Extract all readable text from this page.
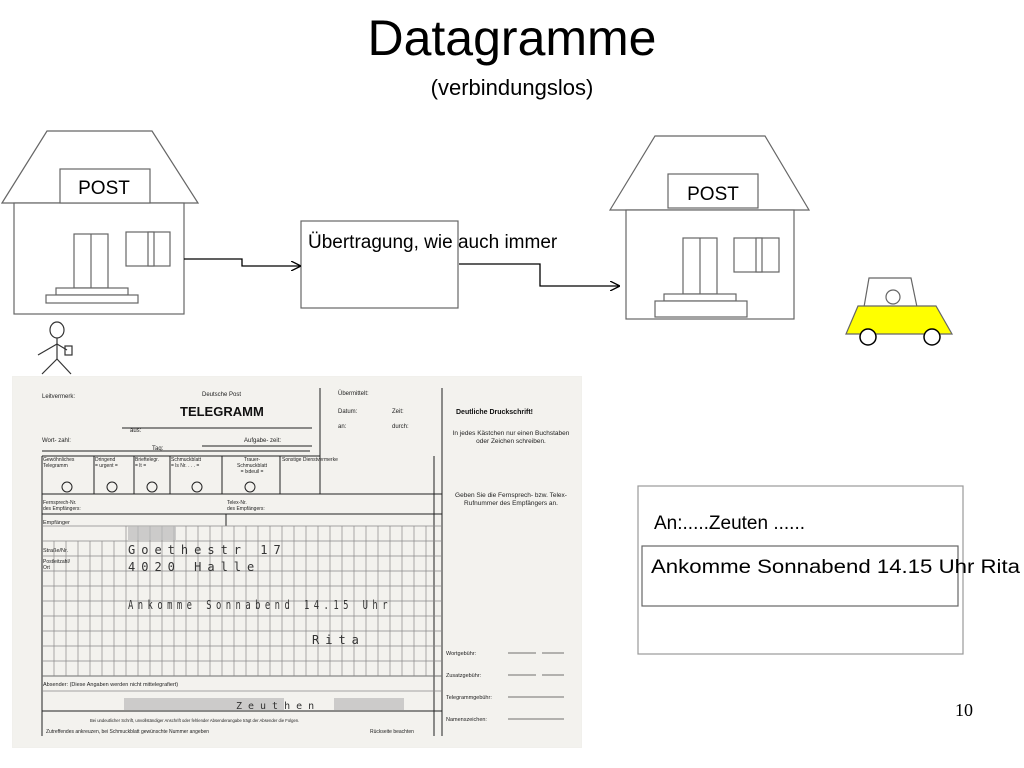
Datagramme
(verbindungslos)
POST
Übertragung, wie auch immer
POST
An:.....Zeuten ......
Ankomme Sonnabend 14.15 Uhr Rita
Leitvermerk:	Deutsche Post
TELEGRAMM
aus:
Übermittelt:
Datum:	Zeit:
an:	durch:
Wort- zahl:
Tag:
Aufgabe- zeit:
Deutliche Druckschrift!
In jedes Kästchen nur einen Buchstaben oder Zeichen schreiben.
Geben Sie die Fernsprech- bzw. Telex-Rufnummer des Empfängers an.
Gewöhnliches
Telegramm
Dringend
= urgent =
Brieftelegr.
= lt =
Schmuckblatt
= ls Nr. . . . =
Trauer-
Schmuckblatt
= lxdeuil =
Sonstige Dienstvermerke
Fernsprech-Nr.
des Empfängers:
Telex-Nr.
des Empfängers:
Empfänger
Straße/Nr.
Postleitzahl/
Ort
Absender: (Diese Angaben werden nicht mittelegrafiert)
Goethestr 17
4020 Halle
Ankomme Sonnabend 14.15 Uhr
Rita
Zeuthen
Wortgebühr:
Zusatzgebühr:
Telegrammgebühr:
Namenszeichen:
Bei undeutlicher Schrift, unvollständiger Anschrift oder fehlender Absenderangabe trägt der Absender die Folgen.
Zutreffendes ankreuzen, bei Schmuckblatt gewünschte Nummer angeben	Rückseite beachten
10
